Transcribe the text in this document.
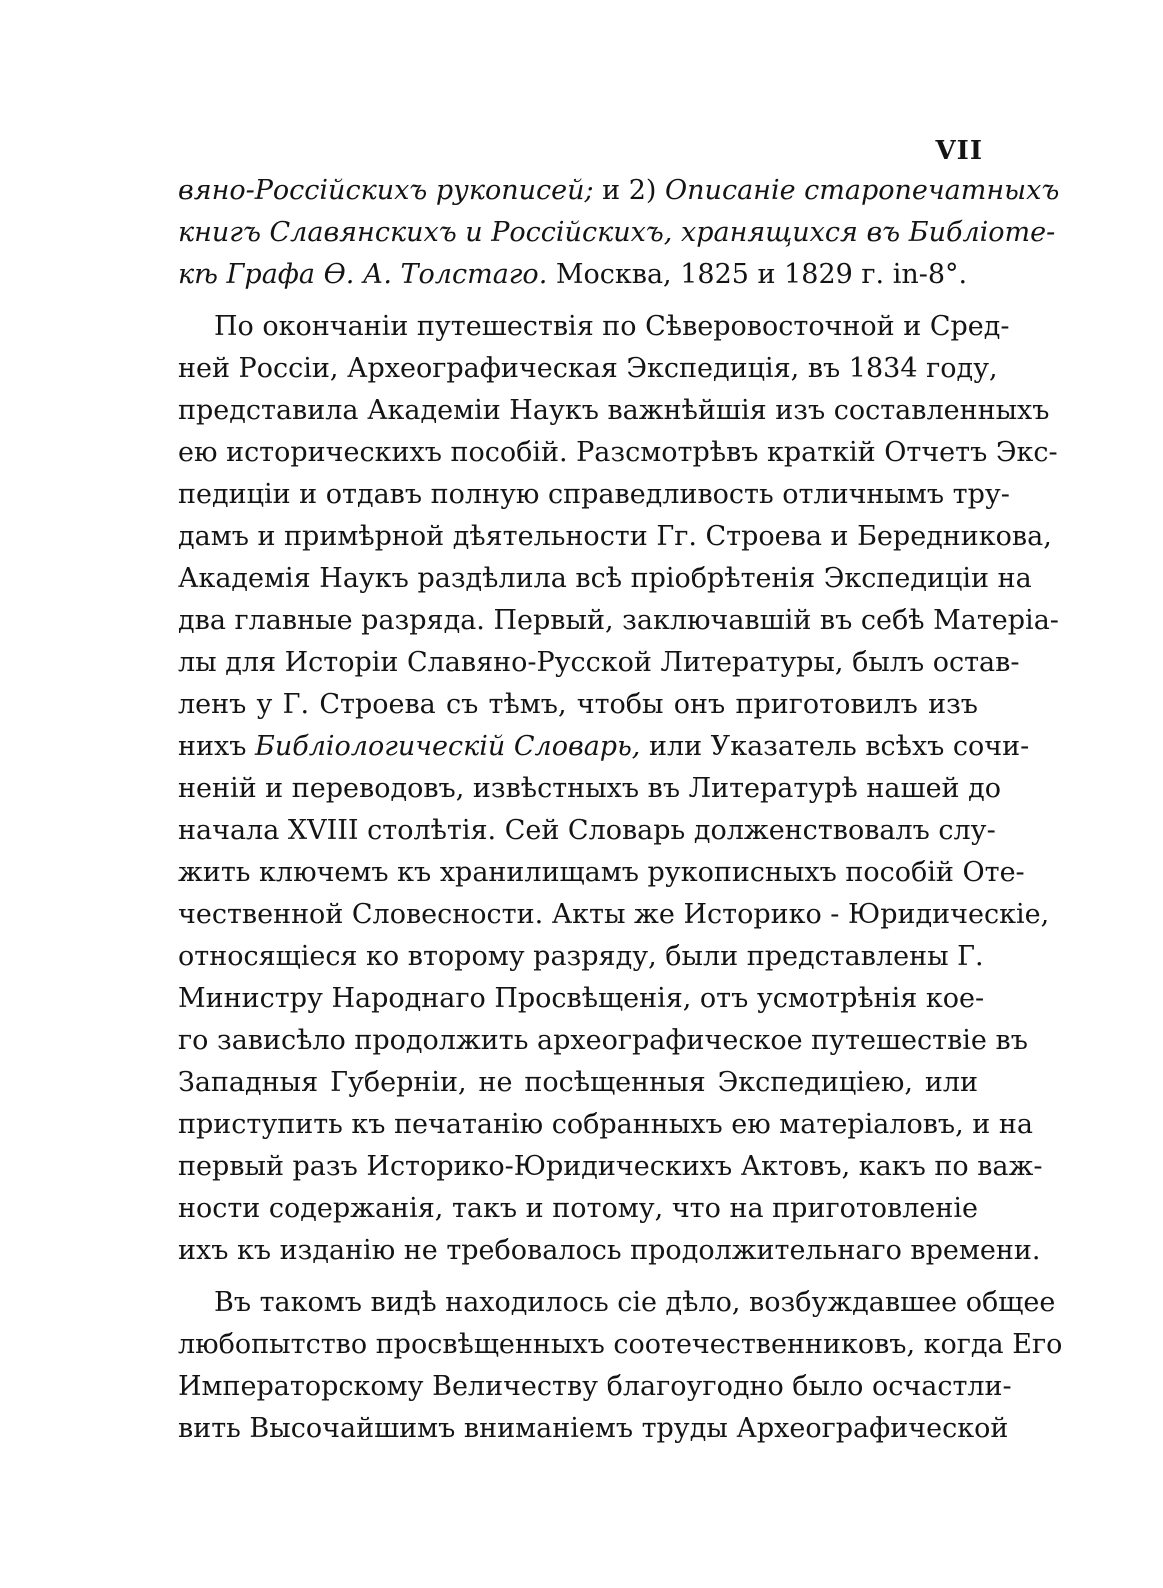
VII
вяно-Россійскихъ рукописей; и 2) Описаніе старопечатныхъ
книгъ Славянскихъ и Россійскихъ, хранящихся въ Библіоте-
кѣ Графа Ѳ. А. Толстаго. Москва, 1825 и 1829 г. in-8°.
По окончаніи путешествія по Сѣверовосточной и Сред-
ней Россіи, Археографическая Экспедиція, въ 1834 году,
представила Академіи Наукъ важнѣйшія изъ составленныхъ
ею историческихъ пособій. Разсмотрѣвъ краткій Отчетъ Экс-
педиціи и отдавъ полную справедливость отличнымъ тру-
дамъ и примѣрной дѣятельности Гг. Строева и Бередникова,
Академія Наукъ раздѣлила всѣ пріобрѣтенія Экспедиціи на
два главные разряда. Первый, заключавшій въ себѣ Матеріа-
лы для Исторіи Славяно-Русской Литературы, былъ остав-
ленъ у Г. Строева съ тѣмъ, чтобы онъ приготовилъ изъ
нихъ Библіологическій Словарь, или Указатель всѣхъ сочи-
неній и переводовъ, извѣстныхъ въ Литературѣ нашей до
начала XVIII столѣтія. Сей Словарь долженствовалъ слу-
жить ключемъ къ хранилищамъ рукописныхъ пособій Оте-
чественной Словесности. Акты же Историко - Юридическіе,
относящіеся ко второму разряду, были представлены Г.
Министру Народнаго Просвѣщенія, отъ усмотрѣнія кое-
го зависѣло продолжить археографическое путешествіе въ
Западныя Губерніи, не посѣщенныя Экспедиціею, или
приступить къ печатанію собранныхъ ею матеріаловъ, и на
первый разъ Историко-Юридическихъ Актовъ, какъ по важ-
ности содержанія, такъ и потому, что на приготовленіе
ихъ къ изданію не требовалось продолжительнаго времени.
Въ такомъ видѣ находилось сіе дѣло, возбуждавшее общее
любопытство просвѣщенныхъ соотечественниковъ, когда Его
Императорскому Величеству благоугодно было осчастли-
вить Высочайшимъ вниманіемъ труды Археографической
